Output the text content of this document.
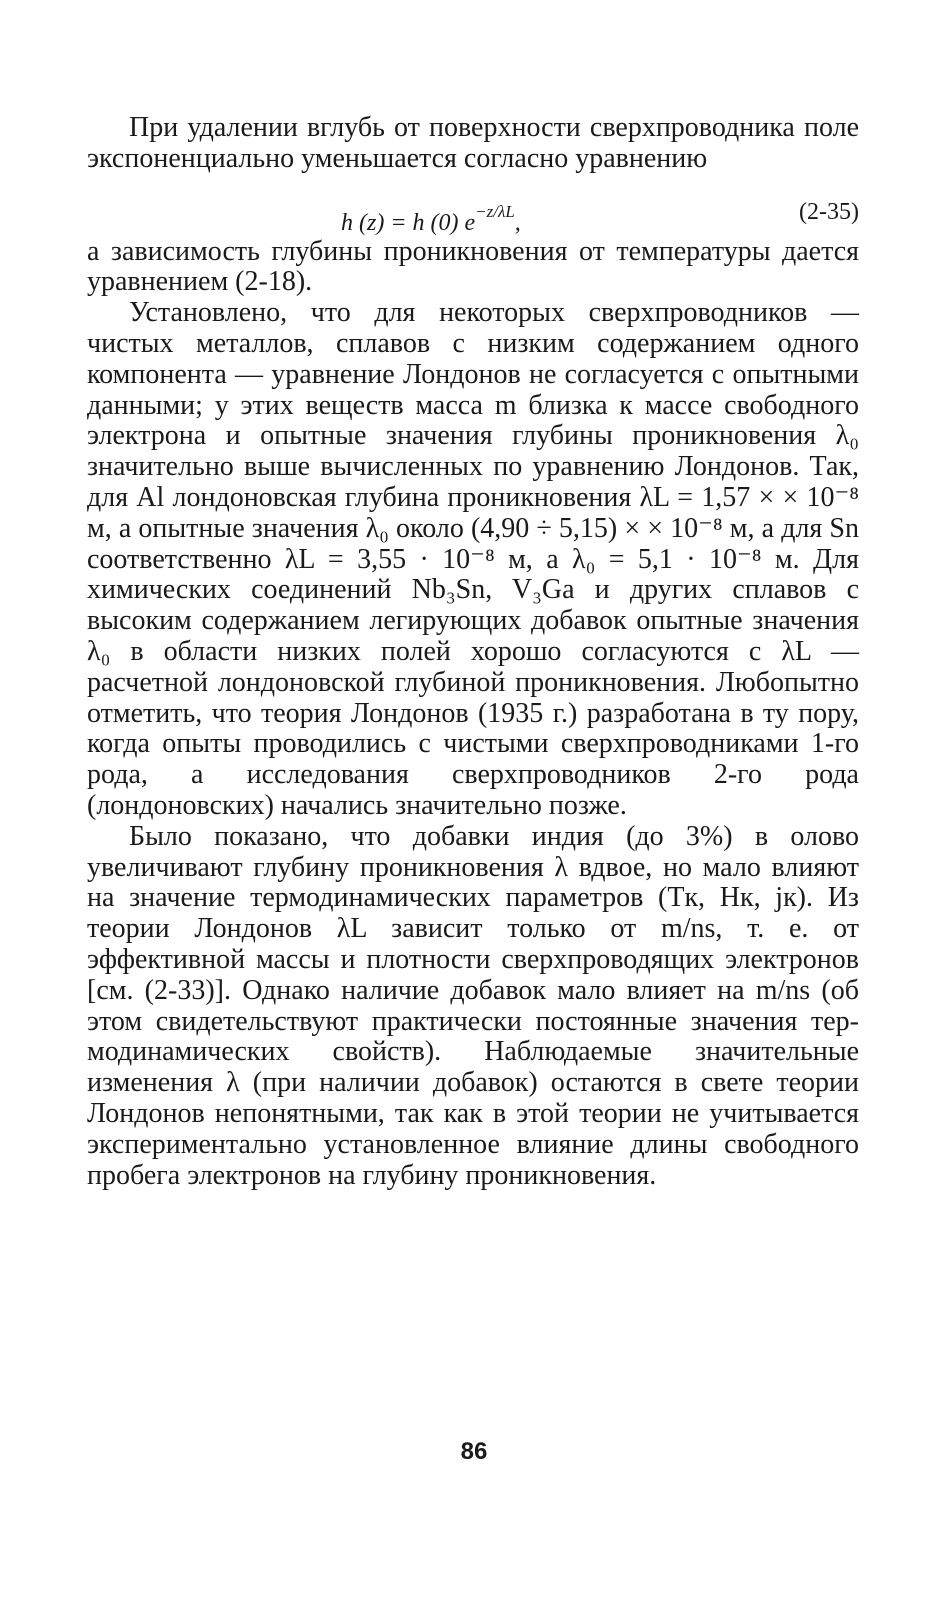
При удалении вглубь от поверхности сверхпроводника поле экспоненциально уменьшается согласно уравнению

h (z) = h (0) $e^{-z/\lambda L}$,	(2-35)

а зависимость глубины проникновения от температуры дается уравнением (2-18).

Установлено, что для некоторых сверхпроводников — чистых металлов, сплавов с низким содержанием одного компонента — уравнение Лондонов не согласуется с опытными данными; у этих веществ масса m близка к массе свободного электрона и опытные значения глубины проникновения λ₀ значительно выше вычисленных по уравнению Лондонов. Так, для Al лондоновская глубина проникновения λL = 1,57 × × 10⁻⁸ м, а опытные значения λ₀ около (4,90 ÷ 5,15) × × 10⁻⁸ м, а для Sn соответственно λL = 3,55 · 10⁻⁸ м, а λ₀ = 5,1 · 10⁻⁸ м. Для химических соединений Nb₃Sn, V₃Ga и других сплавов с высоким содержанием легирующих добавок опытные значения λ₀ в области низких полей хорошо согласуются с λL — расчетной лондоновской глубиной проникновения. Любопытно отметить, что теория Лондонов (1935 г.) разработана в ту пору, когда опыты проводились с чистыми сверхпроводниками 1-го рода, а исследования сверхпроводников 2-го рода (лондоновских) начались значительно позже.

Было показано, что добавки индия (до 3%) в олово увеличивают глубину проникновения λ вдвое, но мало влияют на значение термодинамических параметров (Tк, Hк, jк). Из теории Лондонов λL зависит только от m/ns, т. е. от эффективной массы и плотности сверхпроводящих электронов [см. (2-33)]. Однако наличие добавок мало влияет на m/ns (об этом свидетельствуют практически постоянные значения термодинамических свойств). Наблюдаемые значительные изменения λ (при наличии добавок) остаются в свете теории Лондонов непонятными, так как в этой теории не учитывается экспериментально установленное влияние длины свободного пробега электронов на глубину проникновения.

86
